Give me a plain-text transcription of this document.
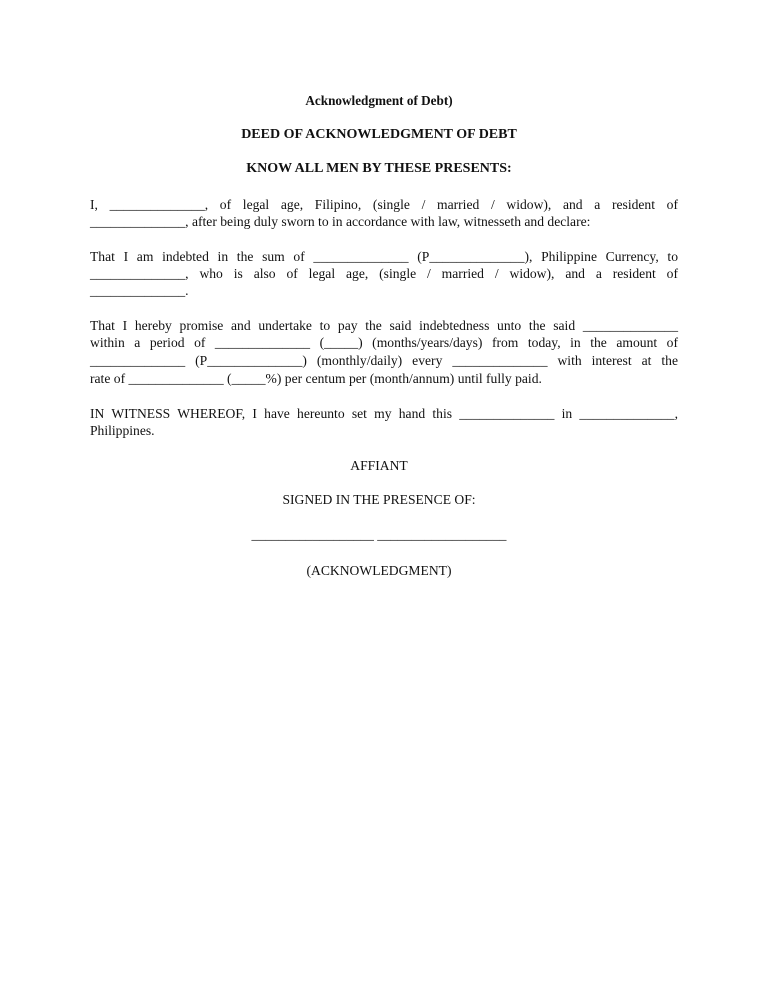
Acknowledgment of Debt)
DEED OF ACKNOWLEDGMENT OF DEBT
KNOW ALL MEN BY THESE PRESENTS:
I, ______________, of legal age, Filipino, (single / married / widow), and a resident of
______________, after being duly sworn to in accordance with law, witnesseth and declare:
That I am indebted in the sum of ______________ (P______________), Philippine Currency, to
______________, who is also of legal age, (single / married / widow), and a resident of
______________.
That I hereby promise and undertake to pay the said indebtedness unto the said ______________
within a period of ______________ (_____) (months/years/days) from today, in the amount of
______________ (P______________) (monthly/daily) every ______________ with interest at the
rate of ______________ (_____%) per centum per (month/annum) until fully paid.
IN WITNESS WHEREOF, I have hereunto set my hand this ______________ in ______________,
Philippines.
AFFIANT
SIGNED IN THE PRESENCE OF:
__________________ ___________________
(ACKNOWLEDGMENT)
